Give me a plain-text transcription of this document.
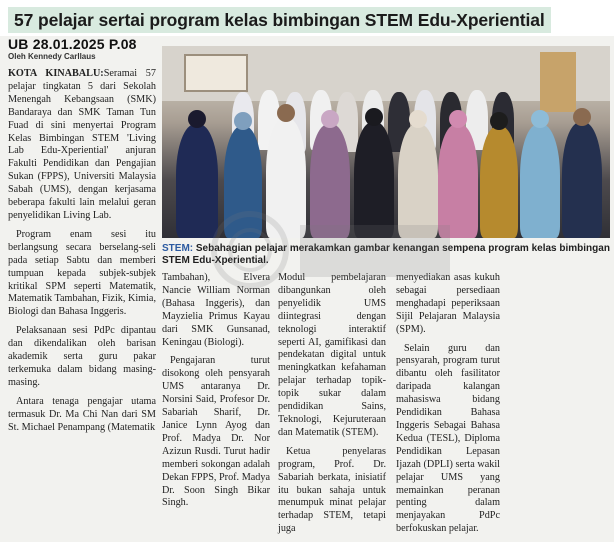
57 pelajar sertai program kelas bimbingan STEM Edu-Xperiential
UB 28.01.2025 P.08
Oleh Kennedy Carllaus

KOTA KINABALU:Seramai 57 pelajar tingkatan 5 dari Sekolah Menengah Kebangsaan (SMK) Bandaraya dan SMK Taman Tun Fuad di sini menyertai Program Kelas Bimbingan STEM 'Living Lab Edu-Xperiential' anjuran Fakulti Pendidikan dan Pengajian Sukan (FPPS), Universiti Malaysia Sabah (UMS), dengan kerjasama beberapa fakulti lain melalui geran penyelidikan Living Lab.

Program enam sesi itu berlangsung secara berselang-seli pada setiap Sabtu dan memberi tumpuan kepada subjek-subjek kritikal SPM seperti Matematik, Matematik Tambahan, Fizik, Kimia, Biologi dan Bahasa Inggeris.

Pelaksanaan sesi PdPc dipantau dan dikendalikan oleh barisan akademik serta guru pakar terkemuka dalam bidang masing-masing.

Antara tenaga pengajar utama termasuk Dr. Ma Chi Nan dari SM St. Michael Penampang (Matematik

STEM: Sebahagian pelajar merakamkan gambar kenangan sempena program kelas bimbingan STEM Edu-Xperiential.

Tambahan), Elvera Nancie William Norman (Bahasa Inggeris), dan Mayzielia Primus Kayau dari SMK Gunsanad, Keningau (Biologi).

Pengajaran turut disokong oleh pensyarah UMS antaranya Dr. Norsini Said, Profesor Dr. Sabariah Sharif, Dr. Janice Lynn Ayog dan Prof. Madya Dr. Nor Azizun Rusdi. Turut hadir memberi sokongan adalah Dekan FPPS, Prof. Madya Dr. Soon Singh Bikar Singh.

Modul pembelajaran dibangunkan oleh penyelidik UMS diintegrasi dengan teknologi interaktif seperti AI, gamifikasi dan pendekatan digital untuk meningkatkan kefahaman pelajar terhadap topik-topik sukar dalam pendidikan Sains, Teknologi, Kejuruteraan dan Matematik (STEM).

Ketua penyelaras program, Prof. Dr. Sabariah berkata, inisiatif itu bukan sahaja untuk menumpuk minat pelajar terhadap STEM, tetapi juga

menyediakan asas kukuh sebagai persediaan menghadapi peperiksaan Sijil Pelajaran Malaysia (SPM).

Selain guru dan pensyarah, program turut dibantu oleh fasilitator daripada kalangan mahasiswa bidang Pendidikan Bahasa Inggeris Sebagai Bahasa Kedua (TESL), Diploma Pendidikan Lepasan Ijazah (DPLI) serta wakil pelajar UMS yang memainkan peranan penting dalam menjayakan PdPc berfokuskan pelajar.
